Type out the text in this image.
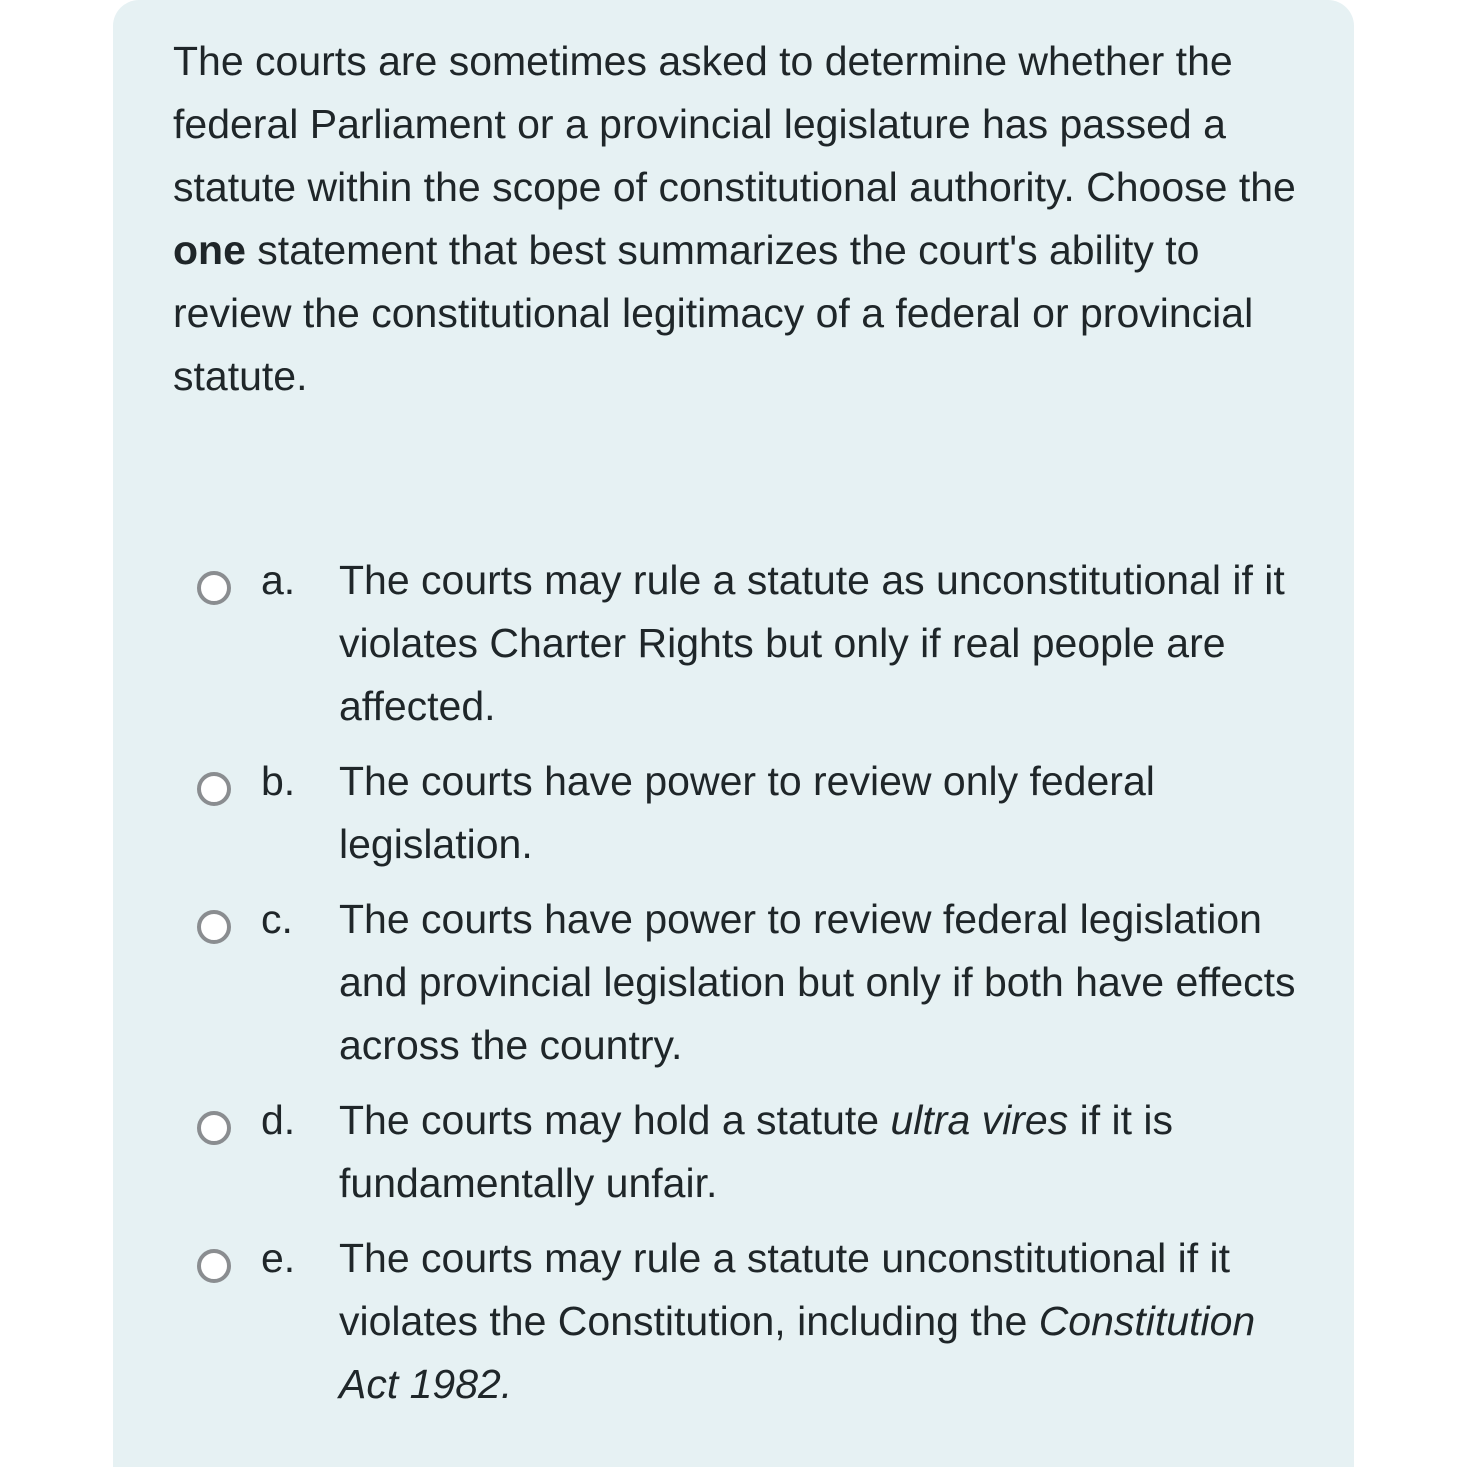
The courts are sometimes asked to determine whether the federal Parliament or a provincial legislature has passed a statute within the scope of constitutional authority. Choose the one statement that best summarizes the court's ability to review the constitutional legitimacy of a federal or provincial statute.

a. The courts may rule a statute as unconstitutional if it violates Charter Rights but only if real people are affected.
b. The courts have power to review only federal legislation.
c. The courts have power to review federal legislation and provincial legislation but only if both have effects across the country.
d. The courts may hold a statute ultra vires if it is fundamentally unfair.
e. The courts may rule a statute unconstitutional if it violates the Constitution, including the Constitution Act 1982.
